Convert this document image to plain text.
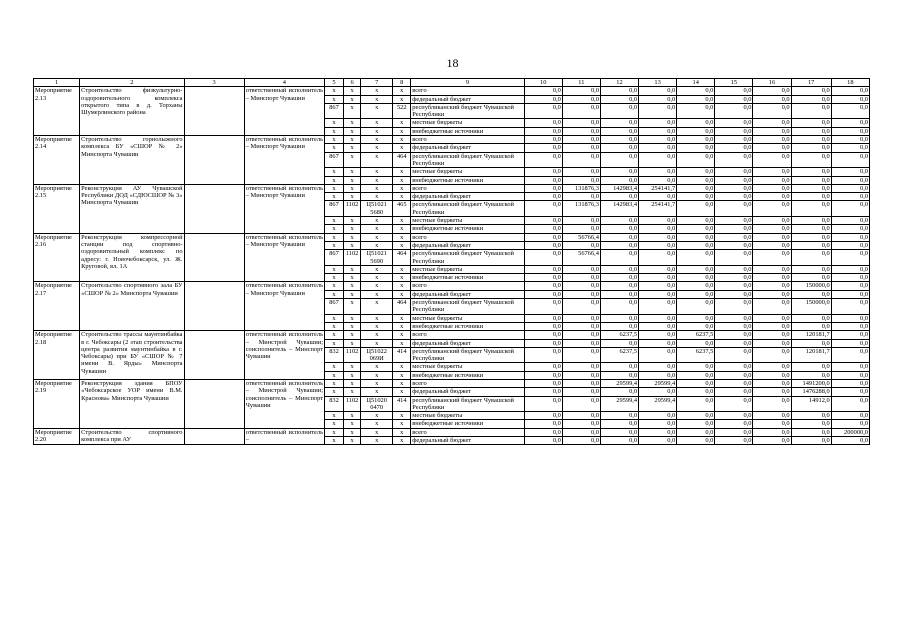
18
1	2	3	4	5	6	7	8	9	10	11	12	13	14	15	16	17	18
Мероприятие 2.13	Строительство физкультурно-оздоровительного комплекса открытого типа в д. Торханы Шумерлинского района		ответственный исполнитель – Минспорт Чувашии	x	x	x	x	всего	0,0	0,0	0,0	0,0	0,0	0,0	0,0	0,0	0,0
				x	x	x	x	федеральный бюджет	0,0	0,0	0,0	0,0	0,0	0,0	0,0	0,0	0,0
				867	x	x	522	республиканский бюджет Чувашской Республики	0,0	0,0	0,0	0,0	0,0	0,0	0,0	0,0	0,0
				x	x	x	x	местные бюджеты	0,0	0,0	0,0	0,0	0,0	0,0	0,0	0,0	0,0
				x	x	x	x	внебюджетные источники	0,0	0,0	0,0	0,0	0,0	0,0	0,0	0,0	0,0
Мероприятие 2.14	Строительство горнолыжного комплекса БУ «СШОР № 2» Минспорта Чувашии		ответственный исполнитель – Минспорт Чувашии	x	x	x	x	всего	0,0	0,0	0,0	0,0	0,0	0,0	0,0	0,0	0,0
				x	x	x	x	федеральный бюджет	0,0	0,0	0,0	0,0	0,0	0,0	0,0	0,0	0,0
				867	x	x	464	республиканский бюджет Чувашской Республики	0,0	0,0	0,0	0,0	0,0	0,0	0,0	0,0	0,0
				x	x	x	x	местные бюджеты	0,0	0,0	0,0	0,0	0,0	0,0	0,0	0,0	0,0
				x	x	x	x	внебюджетные источники	0,0	0,0	0,0	0,0	0,0	0,0	0,0	0,0	0,0
Мероприятие 2.15	Реконструкция АУ Чувашской Республики ДОД «СДЮСШОР № 3» Минспорта Чувашии		ответственный исполнитель – Минспорт Чувашии	x	x	x	x	всего	0,0	131876,3	142983,4	254141,7	0,0	0,0	0,0	0,0	0,0
				x	x	x	x	федеральный бюджет	0,0	0,0	0,0	0,0	0,0	0,0	0,0	0,0	0,0
				867	1102	Ц51021 5680	465	республиканский бюджет Чувашской Республики	0,0	131876,3	142983,4	254141,7	0,0	0,0	0,0	0,0	0,0
				x	x	x	x	местные бюджеты	0,0	0,0	0,0	0,0	0,0	0,0	0,0	0,0	0,0
				x	x	x	x	внебюджетные источники	0,0	0,0	0,0	0,0	0,0	0,0	0,0	0,0	0,0
Мероприятие 2.16	Реконструкция компрессорной станции под спортивно-оздоровительный комплекс по адресу: г. Новочебоксарск, ул. Ж. Круговой, вл. 1А		ответственный исполнитель – Минспорт Чувашии	x	x	x	x	всего	0,0	56766,4	0,0	0,0	0,0	0,0	0,0	0,0	0,0
				x	x	x	x	федеральный бюджет	0,0	0,0	0,0	0,0	0,0	0,0	0,0	0,0	0,0
				867	1102	Ц51021 5690	464	республиканский бюджет Чувашской Республики	0,0	56766,4	0,0	0,0	0,0	0,0	0,0	0,0	0,0
				x	x	x	x	местные бюджеты	0,0	0,0	0,0	0,0	0,0	0,0	0,0	0,0	0,0
				x	x	x	x	внебюджетные источники	0,0	0,0	0,0	0,0	0,0	0,0	0,0	0,0	0,0
Мероприятие 2.17	Строительство спортивного зала БУ «СШОР № 2» Минспорта Чувашии		ответственный исполнитель – Минспорт Чувашии	x	x	x	x	всего	0,0	0,0	0,0	0,0	0,0	0,0	0,0	150000,0	0,0
				x	x	x	x	федеральный бюджет	0,0	0,0	0,0	0,0	0,0	0,0	0,0	0,0	0,0
				867	x	x	464	республиканский бюджет Чувашской Республики	0,0	0,0	0,0	0,0	0,0	0,0	0,0	150000,0	0,0
				x	x	x	x	местные бюджеты	0,0	0,0	0,0	0,0	0,0	0,0	0,0	0,0	0,0
				x	x	x	x	внебюджетные источники	0,0	0,0	0,0	0,0	0,0	0,0	0,0	0,0	0,0
Мероприятие 2.18	Строительство трассы маунтинбайка в г. Чебоксары (2 этап строительства центра развития маунтинбайка в г. Чебоксары) при БУ «СШОР № 7 имени В. Ярды» Минспорта Чувашии		ответственный исполнитель – Минстрой Чувашии; соисполнитель – Минспорт Чувашии	x	x	x	x	всего	0,0	0,0	6237,5	0,0	6237,5	0,0	0,0	120181,7	0,0
				x	x	x	x	федеральный бюджет	0,0	0,0	0,0	0,0	0,0	0,0	0,0	0,0	0,0
				832	1102	Ц51022 069И	414	республиканский бюджет Чувашской Республики	0,0	0,0	6237,5	0,0	6237,5	0,0	0,0	120181,7	0,0
				x	x	x	x	местные бюджеты	0,0	0,0	0,0	0,0	0,0	0,0	0,0	0,0	0,0
				x	x	x	x	внебюджетные источники	0,0	0,0	0,0	0,0	0,0	0,0	0,0	0,0	0,0
Мероприятие 2.19	Реконструкция здания БПОУ «Чебоксарское УОР имени В.М. Краснова» Минспорта Чувашии		ответственный исполнитель – Минстрой Чувашии; соисполнитель – Минспорт Чувашии	x	x	x	x	всего	0,0	0,0	29599,4	29599,4	0,0	0,0	0,0	1491200,0	0,0
				x	x	x	x	федеральный бюджет	0,0	0,0	0,0	0,0	0,0	0,0	0,0	1476288,0	0,0
				832	1102	Ц51020 0470	414	республиканский бюджет Чувашской Республики	0,0	0,0	29599,4	29599,4	0,0	0,0	0,0	14912,0	0,0
				x	x	x	x	местные бюджеты	0,0	0,0	0,0	0,0	0,0	0,0	0,0	0,0	0,0
				x	x	x	x	внебюджетные источники	0,0	0,0	0,0	0,0	0,0	0,0	0,0	0,0	0,0
Мероприятие 2.20	Строительство спортивного комплекса при АУ		ответственный исполнитель –	x	x	x	x	всего	0,0	0,0	0,0	0,0	0,0	0,0	0,0	0,0	200000,0
				x	x	x	x	федеральный бюджет	0,0	0,0	0,0	0,0	0,0	0,0	0,0	0,0	0,0
